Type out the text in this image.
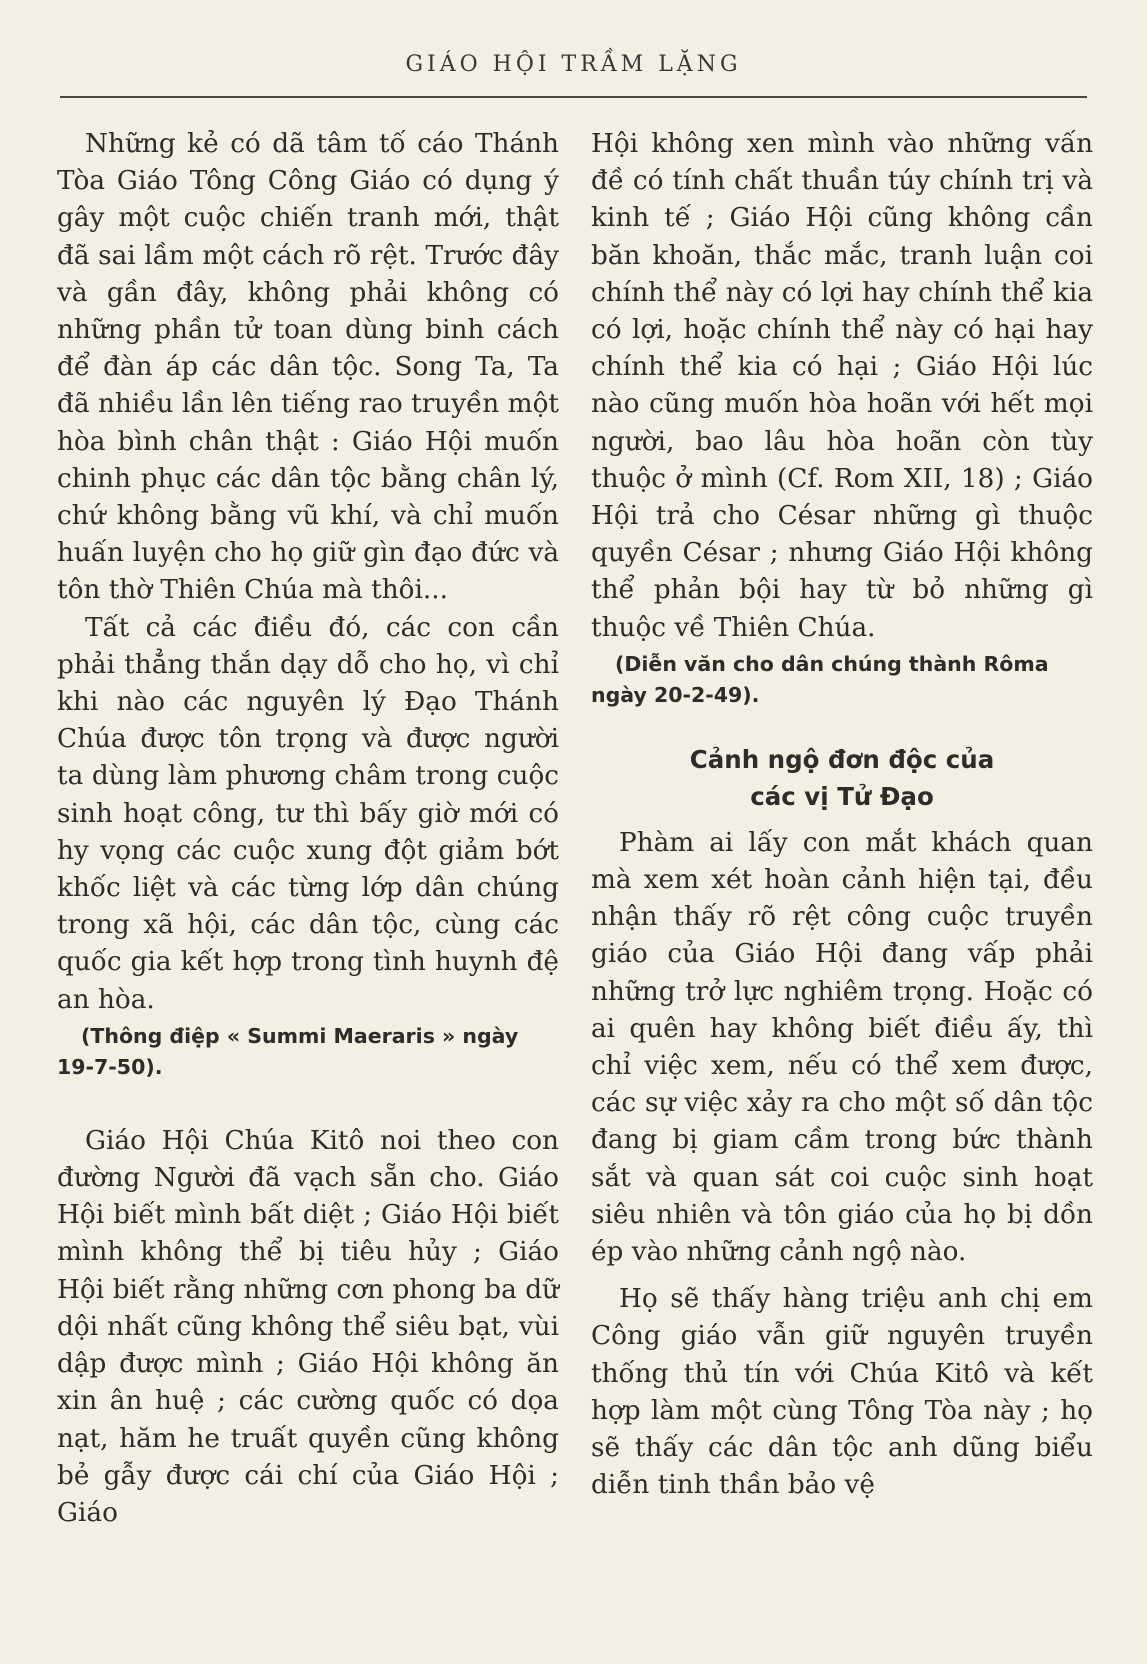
GIÁO HỘI TRẦM LẶNG

Những kẻ có dã tâm tố cáo Thánh Tòa Giáo Tông Công Giáo có dụng ý gây một cuộc chiến tranh mới, thật đã sai lầm một cách rõ rệt. Trước đây và gần đây, không phải không có những phần tử toan dùng binh cách để đàn áp các dân tộc. Song Ta, Ta đã nhiều lần lên tiếng rao truyền một hòa bình chân thật : Giáo Hội muốn chinh phục các dân tộc bằng chân lý, chứ không bằng vũ khí, và chỉ muốn huấn luyện cho họ giữ gìn đạo đức và tôn thờ Thiên Chúa mà thôi...

Tất cả các điều đó, các con cần phải thẳng thắn dạy dỗ cho họ, vì chỉ khi nào các nguyên lý Đạo Thánh Chúa được tôn trọng và được người ta dùng làm phương châm trong cuộc sinh hoạt công, tư thì bấy giờ mới có hy vọng các cuộc xung đột giảm bớt khốc liệt và các từng lớp dân chúng trong xã hội, các dân tộc, cùng các quốc gia kết hợp trong tình huynh đệ an hòa.

(Thông điệp « Summi Maeraris » ngày 19-7-50).

Giáo Hội Chúa Kitô noi theo con đường Người đã vạch sẵn cho. Giáo Hội biết mình bất diệt ; Giáo Hội biết mình không thể bị tiêu hủy ; Giáo Hội biết rằng những cơn phong ba dữ dội nhất cũng không thể siêu bạt, vùi dập được mình ; Giáo Hội không ăn xin ân huệ ; các cường quốc có dọa nạt, hăm he truất quyền cũng không bẻ gẫy được cái chí của Giáo Hội ; Giáo

Hội không xen mình vào những vấn đề có tính chất thuần túy chính trị và kinh tế ; Giáo Hội cũng không cần băn khoăn, thắc mắc, tranh luận coi chính thể này có lợi hay chính thể kia có lợi, hoặc chính thể này có hại hay chính thể kia có hại ; Giáo Hội lúc nào cũng muốn hòa hoãn với hết mọi người, bao lâu hòa hoãn còn tùy thuộc ở mình (Cf. Rom XII, 18) ; Giáo Hội trả cho César những gì thuộc quyền César ; nhưng Giáo Hội không thể phản bội hay từ bỏ những gì thuộc về Thiên Chúa.

(Diễn văn cho dân chúng thành Rôma ngày 20-2-49).

Cảnh ngộ đơn độc của

các vị Tử Đạo

Phàm ai lấy con mắt khách quan mà xem xét hoàn cảnh hiện tại, đều nhận thấy rõ rệt công cuộc truyền giáo của Giáo Hội đang vấp phải những trở lực nghiêm trọng. Hoặc có ai quên hay không biết điều ấy, thì chỉ việc xem, nếu có thể xem được, các sự việc xảy ra cho một số dân tộc đang bị giam cầm trong bức thành sắt và quan sát coi cuộc sinh hoạt siêu nhiên và tôn giáo của họ bị dồn ép vào những cảnh ngộ nào.

Họ sẽ thấy hàng triệu anh chị em Công giáo vẫn giữ nguyên truyền thống thủ tín với Chúa Kitô và kết hợp làm một cùng Tông Tòa này ; họ sẽ thấy các dân tộc anh dũng biểu diễn tinh thần bảo vệ
